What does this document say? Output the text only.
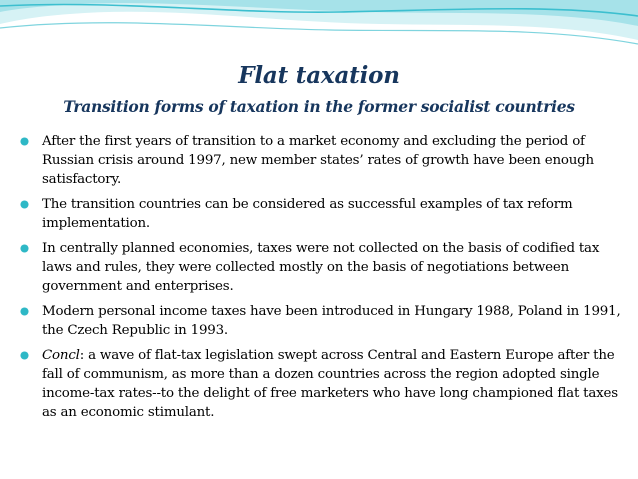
Flat taxation
Transition forms of taxation in the former socialist countries
After the first years of transition to a market economy and excluding the period of Russian crisis around 1997, new member states’ rates of growth have been enough satisfactory.
The transition countries can be considered as successful examples of tax reform implementation.
In centrally planned economies, taxes were not collected on the basis of codified tax laws and rules, they were collected mostly on the basis of negotiations between government and enterprises.
Modern personal income taxes have been introduced in Hungary 1988, Poland in 1991, the Czech Republic in 1993.
Concl: a wave of flat-tax legislation swept across Central and Eastern Europe after the fall of communism, as more than a dozen countries across the region adopted single income-tax rates--to the delight of free marketers who have long championed flat taxes as an economic stimulant.
